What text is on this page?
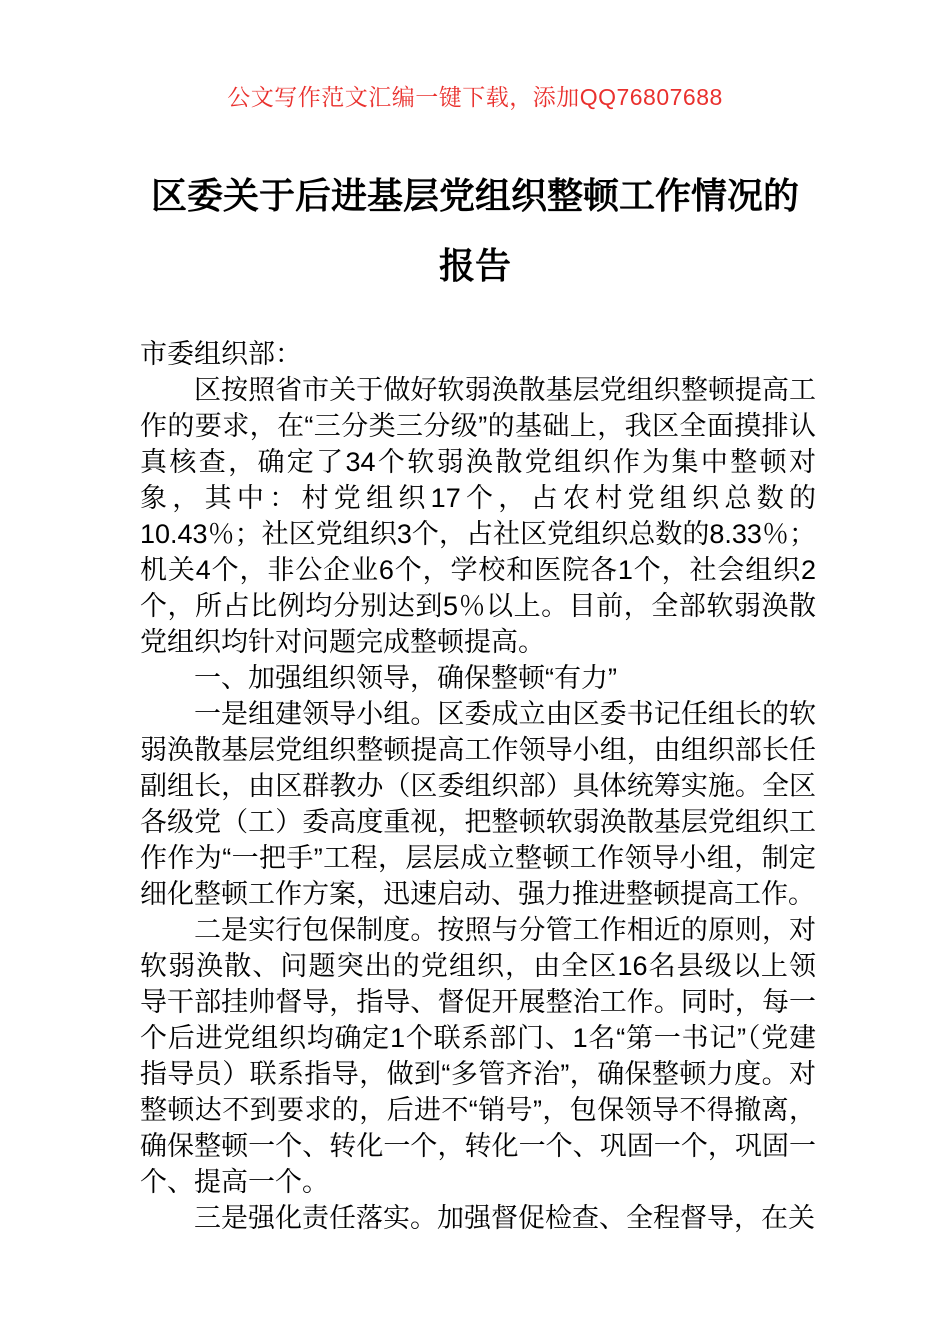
公文写作范文汇编一键下载，添加QQ76807688
区委关于后进基层党组织整顿工作情况的
报告

市委组织部：

区按照省市关于做好软弱涣散基层党组织整顿提高工作的要求，在“三分类三分级”的基础上，我区全面摸排认真核查，确定了34个软弱涣散党组织作为集中整顿对象，其中：村党组织17个，占农村党组织总数的10.43％；社区党组织3个，占社区党组织总数的8.33％；机关4个，非公企业6个，学校和医院各1个，社会组织2个，所占比例均分别达到5％以上。目前，全部软弱涣散党组织均针对问题完成整顿提高。

一、加强组织领导，确保整顿“有力”

一是组建领导小组。区委成立由区委书记任组长的软弱涣散基层党组织整顿提高工作领导小组，由组织部长任副组长，由区群教办（区委组织部）具体统筹实施。全区各级党（工）委高度重视，把整顿软弱涣散基层党组织工作作为“一把手”工程，层层成立整顿工作领导小组，制定细化整顿工作方案，迅速启动、强力推进整顿提高工作。

二是实行包保制度。按照与分管工作相近的原则，对软弱涣散、问题突出的党组织，由全区16名县级以上领导干部挂帅督导，指导、督促开展整治工作。同时，每一个后进党组织均确定1个联系部门、1名“第一书记”（党建指导员）联系指导，做到“多管齐治”，确保整顿力度。对整顿达不到要求的，后进不“销号”，包保领导不得撤离，确保整顿一个、转化一个，转化一个、巩固一个，巩固一个、提高一个。

三是强化责任落实。加强督促检查、全程督导，在关
